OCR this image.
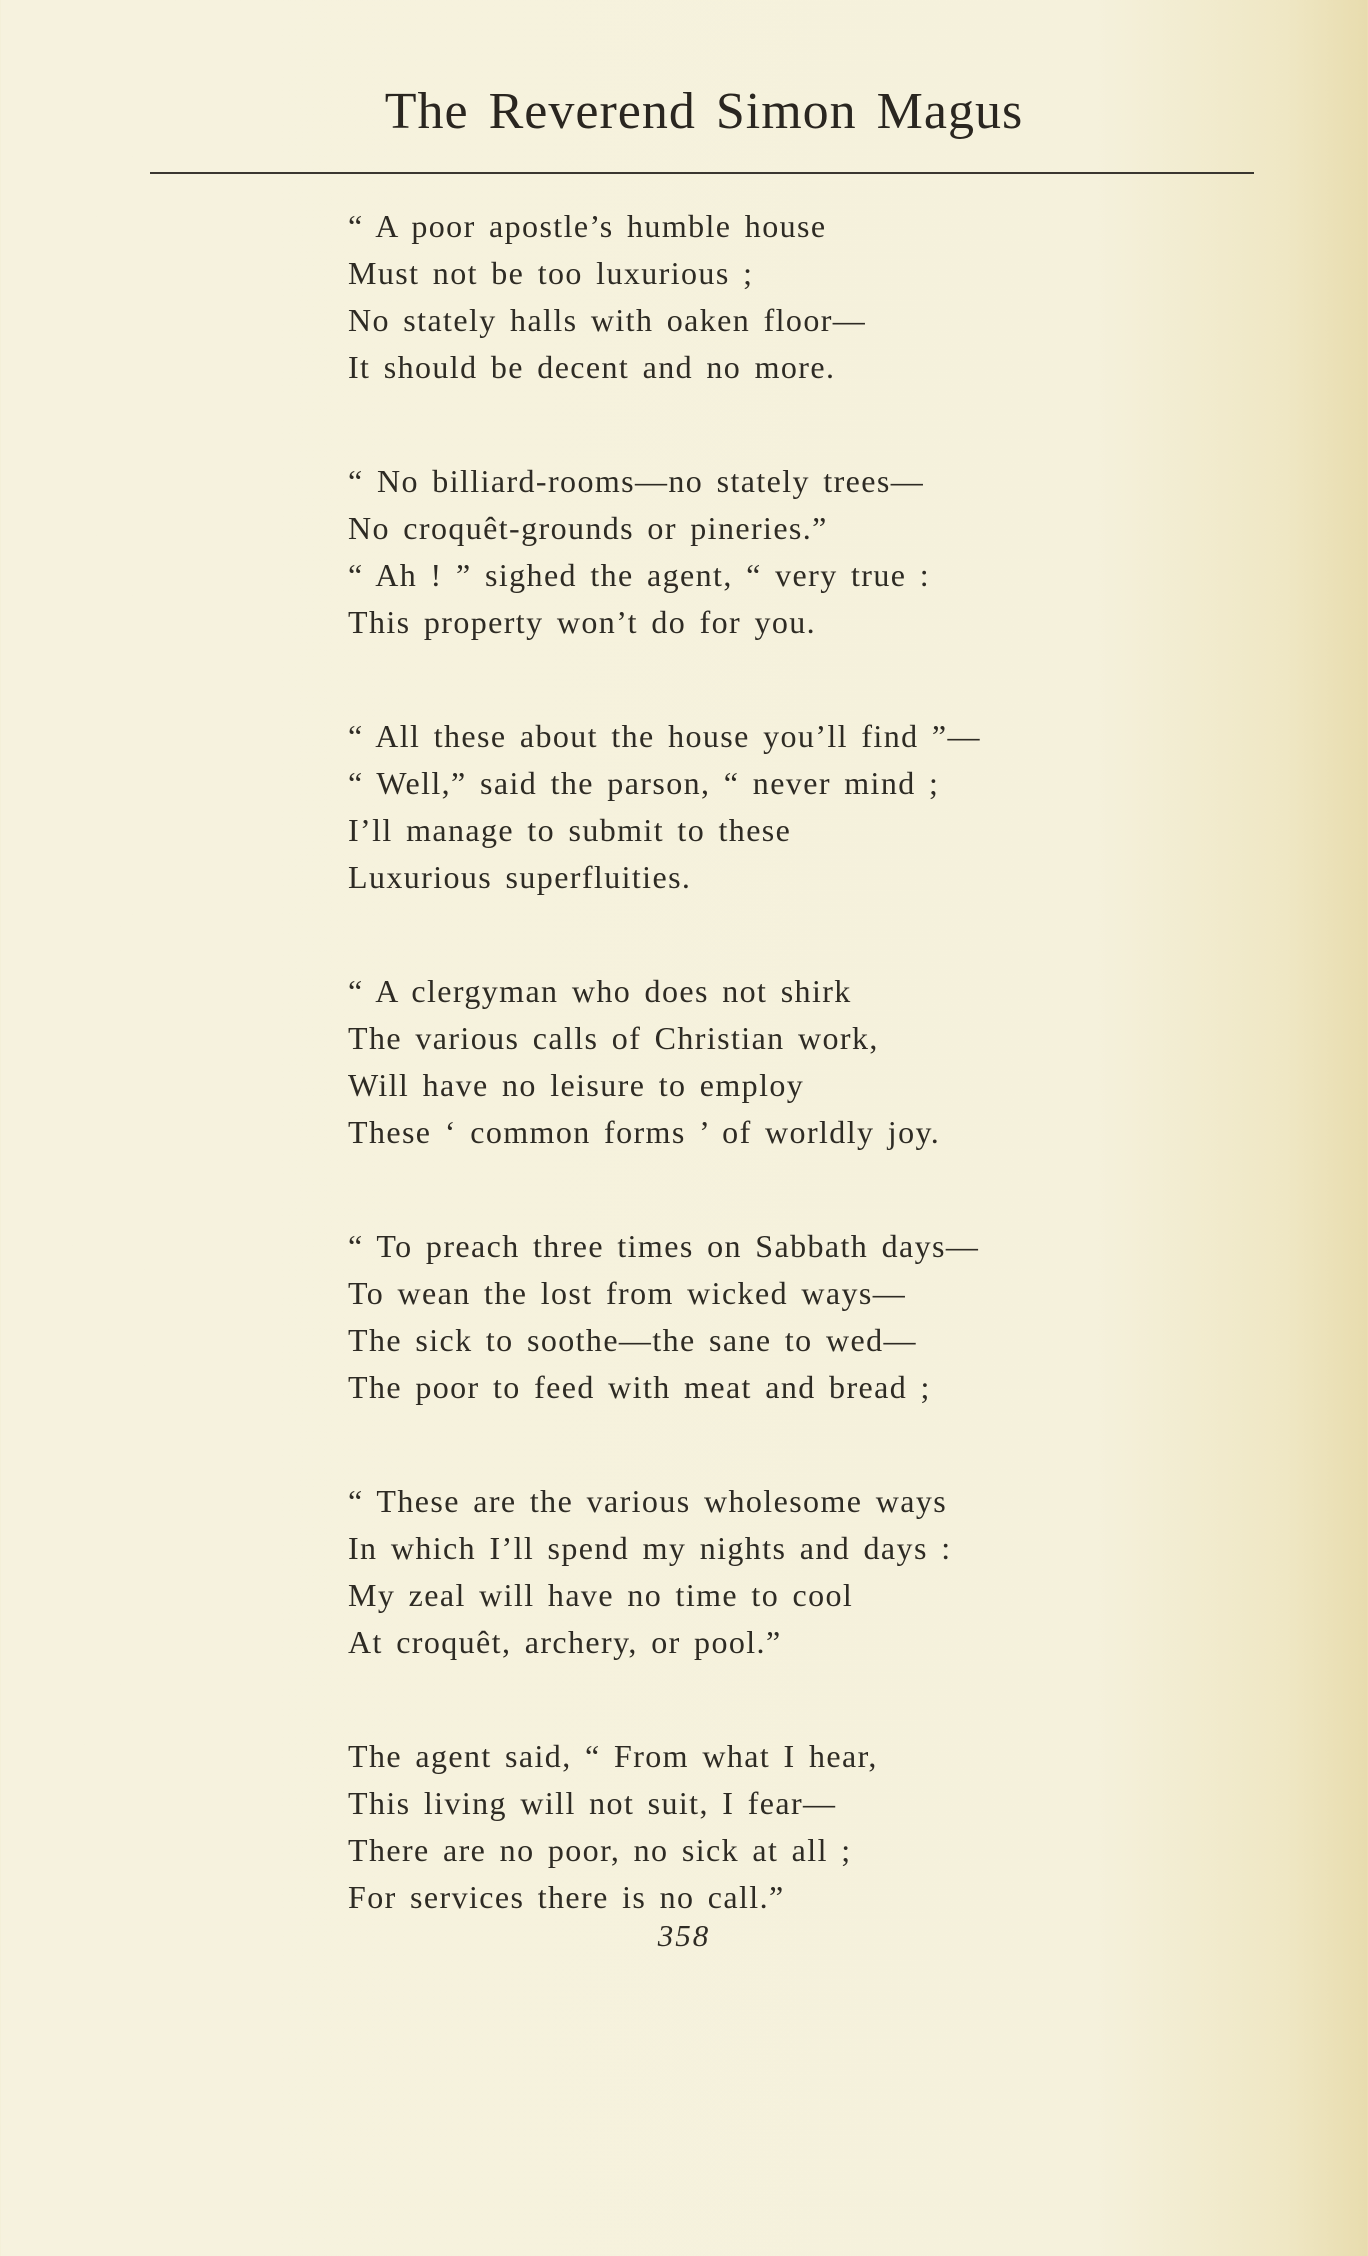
The Reverend Simon Magus
“ A poor apostle’s humble house
Must not be too luxurious ;
No stately halls with oaken floor—
It should be decent and no more.
“ No billiard-rooms—no stately trees—
No croquêt-grounds or pineries.”
“ Ah ! ” sighed the agent, “ very true :
This property won’t do for you.
“ All these about the house you’ll find ”—
“ Well,” said the parson, “ never mind ;
I’ll manage to submit to these
Luxurious superfluities.
“ A clergyman who does not shirk
The various calls of Christian work,
Will have no leisure to employ
These ‘ common forms ’ of worldly joy.
“ To preach three times on Sabbath days—
To wean the lost from wicked ways—
The sick to soothe—the sane to wed—
The poor to feed with meat and bread ;
“ These are the various wholesome ways
In which I’ll spend my nights and days :
My zeal will have no time to cool
At croquêt, archery, or pool.”
The agent said, “ From what I hear,
This living will not suit, I fear—
There are no poor, no sick at all ;
For services there is no call.”
358
